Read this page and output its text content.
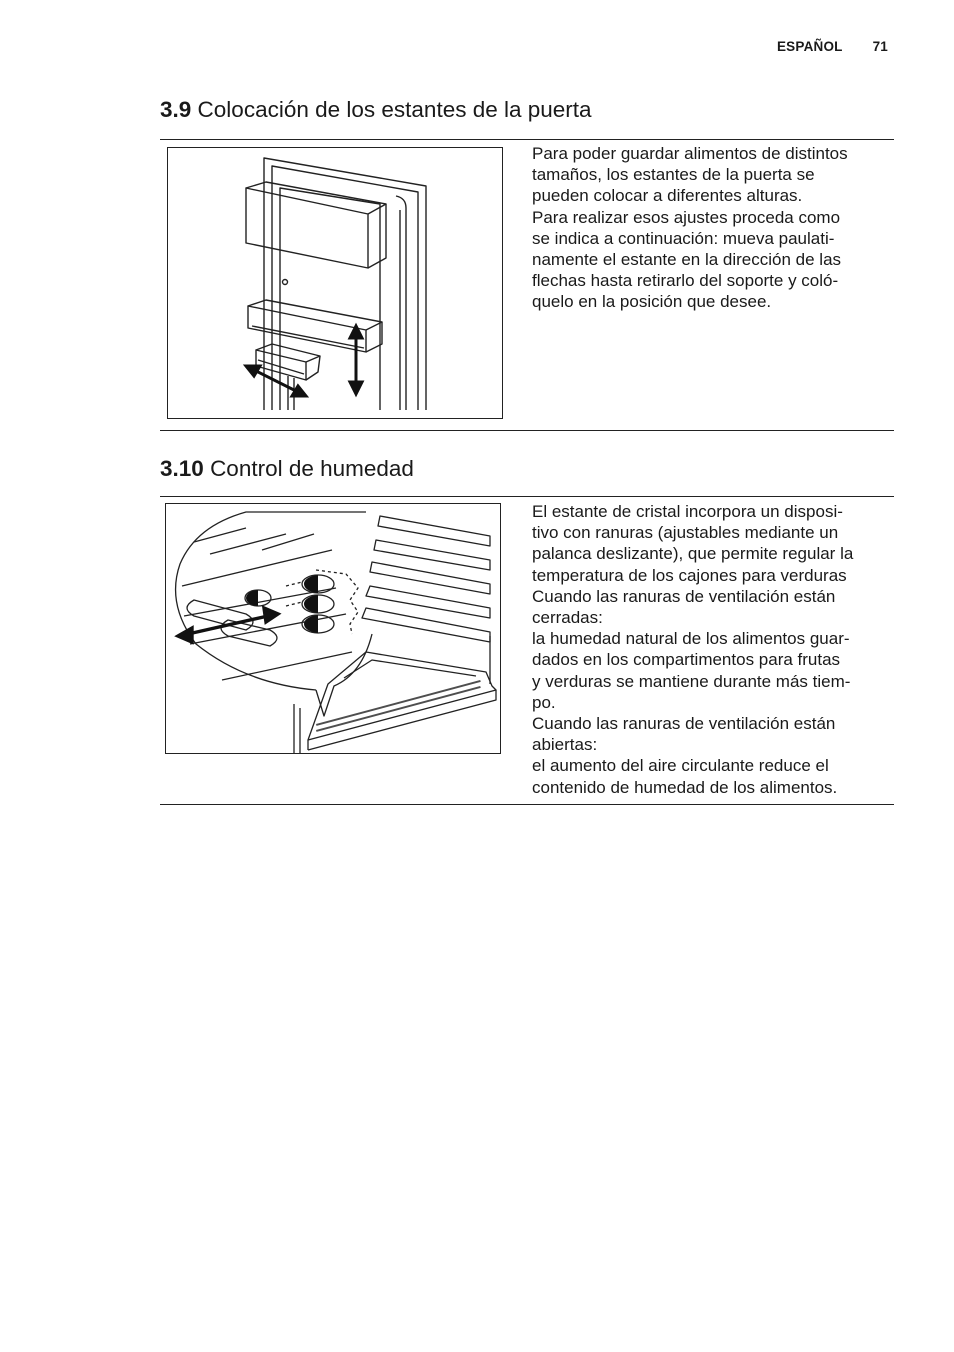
ESPAÑOL 71
3.9 Colocación de los estantes de la puerta

Para poder guardar alimentos de distintos

tamaños, los estantes de la puerta se

pueden colocar a diferentes alturas.

Para realizar esos ajustes proceda como

se indica a continuación: mueva paulati-

namente el estante en la dirección de las

flechas hasta retirarlo del soporte y coló-

quelo en la posición que desee.

3.10 Control de humedad

El estante de cristal incorpora un disposi-

tivo con ranuras (ajustables mediante un

palanca deslizante), que permite regular la

temperatura de los cajones para verduras

Cuando las ranuras de ventilación están

cerradas:

la humedad natural de los alimentos guar-

dados en los compartimentos para frutas

y verduras se mantiene durante más tiem-

po.

Cuando las ranuras de ventilación están

abiertas:

el aumento del aire circulante reduce el

contenido de humedad de los alimentos.
